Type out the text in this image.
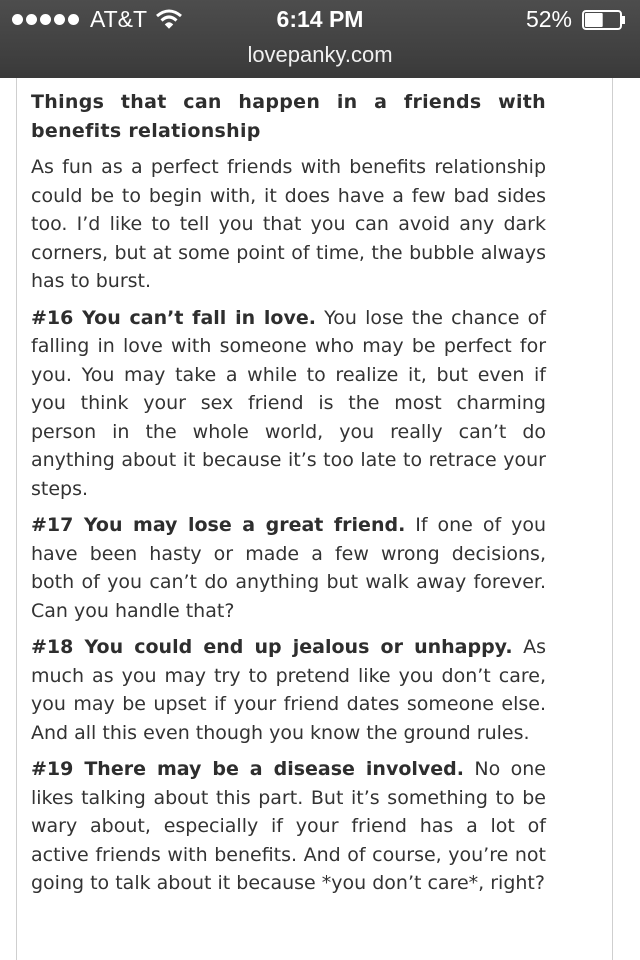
AT&T	6:14 PM	52%
lovepanky.com

Things that can happen in a friends with benefits relationship

As fun as a perfect friends with benefits relationship could be to begin with, it does have a few bad sides too. I’d like to tell you that you can avoid any dark corners, but at some point of time, the bubble always has to burst.

#16 You can’t fall in love. You lose the chance of falling in love with someone who may be perfect for you. You may take a while to realize it, but even if you think your sex friend is the most charming person in the whole world, you really can’t do anything about it because it’s too late to retrace your steps.

#17 You may lose a great friend. If one of you have been hasty or made a few wrong decisions, both of you can’t do anything but walk away forever. Can you handle that?

#18 You could end up jealous or unhappy. As much as you may try to pretend like you don’t care, you may be upset if your friend dates someone else. And all this even though you know the ground rules.

#19 There may be a disease involved. No one likes talking about this part. But it’s something to be wary about, especially if your friend has a lot of active friends with benefits. And of course, you’re not going to talk about it because *you don’t care*, right?
